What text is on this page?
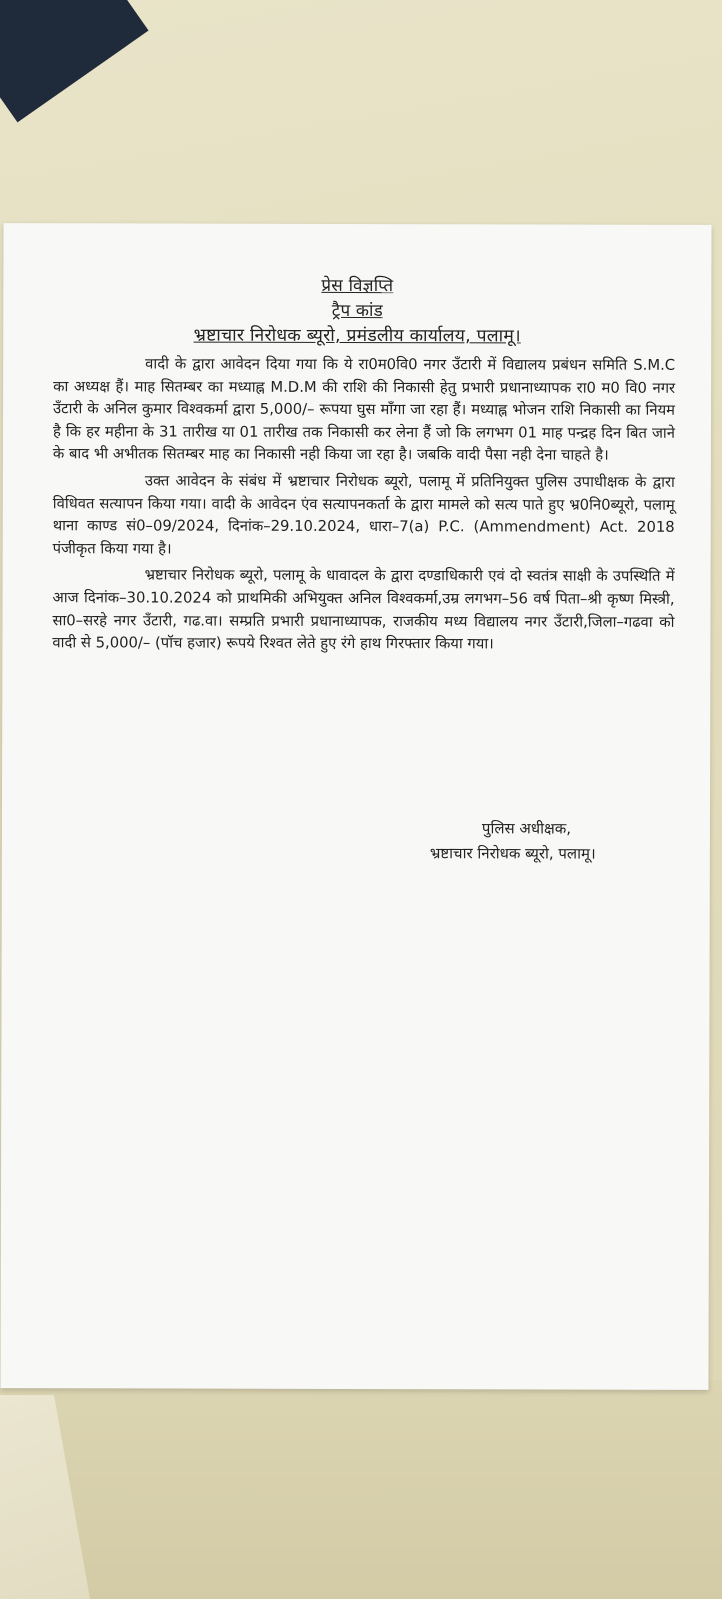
प्रेस विज्ञप्ति
ट्रैप कांड
भ्रष्टाचार निरोधक ब्यूरो, प्रमंडलीय कार्यालय, पलामू।

वादी के द्वारा आवेदन दिया गया कि ये रा0म0वि0 नगर उँटारी में विद्यालय प्रबंधन समिति S.M.C का अध्यक्ष हैं। माह सितम्बर का मध्याह्न M.D.M की राशि की निकासी हेतु प्रभारी प्रधानाध्यापक रा0 म0 वि0 नगर उँटारी के अनिल कुमार विश्वकर्मा द्वारा 5,000/– रूपया घुस माँगा जा रहा हैं। मध्याह्न भोजन राशि निकासी का नियम है कि हर महीना के 31 तारीख या 01 तारीख तक निकासी कर लेना हैं जो कि लगभग 01 माह पन्द्रह दिन बित जाने के बाद भी अभीतक सितम्बर माह का निकासी नही किया जा रहा है। जबकि वादी पैसा नही देना चाहते है।

उक्त आवेदन के संबंध में भ्रष्टाचार निरोधक ब्यूरो, पलामू में प्रतिनियुक्त पुलिस उपाधीक्षक के द्वारा विधिवत सत्यापन किया गया। वादी के आवेदन एंव सत्यापनकर्ता के द्वारा मामले को सत्य पाते हुए भ्र0नि0ब्यूरो, पलामू थाना काण्ड सं0–09/2024, दिनांक–29.10.2024, धारा–7(a) P.C. (Ammendment) Act. 2018 पंजीकृत किया गया है।

भ्रष्टाचार निरोधक ब्यूरो, पलामू के धावादल के द्वारा दण्डाधिकारी एवं दो स्वतंत्र साक्षी के उपस्थिति में आज दिनांक–30.10.2024 को प्राथमिकी अभियुक्त अनिल विश्वकर्मा,उम्र लगभग–56 वर्ष पिता–श्री कृष्ण मिस्त्री, सा0–सरहे नगर उँटारी, गढ.वा। सम्प्रति प्रभारी प्रधानाध्यापक, राजकीय मध्य विद्यालय नगर उँटारी,जिला–गढवा को वादी से 5,000/– (पॉच हजार) रूपये रिश्वत लेते हुए रंगे हाथ गिरफ्तार किया गया।

पुलिस अधीक्षक,
भ्रष्टाचार निरोधक ब्यूरो, पलामू।
